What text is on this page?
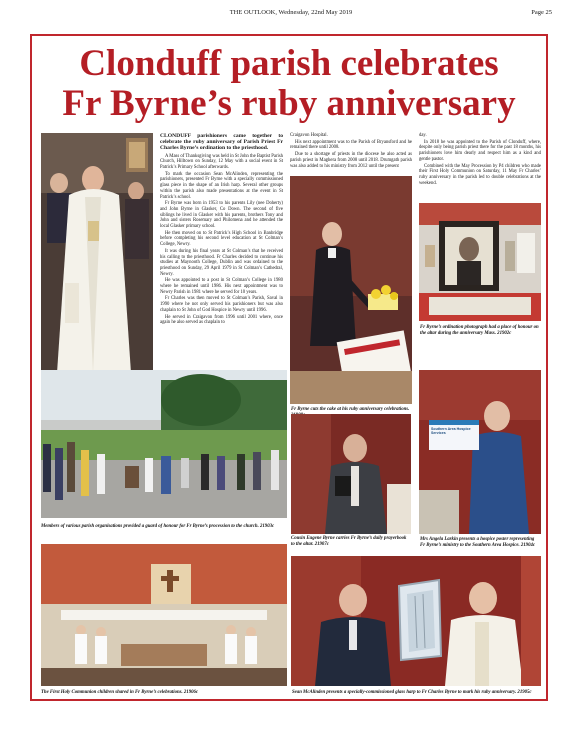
THE OUTLOOK, Wednesday, 22nd May 2019	Page 25
Clonduff parish celebrates
Fr Byrne’s ruby anniversary

CLONDUFF parishioners came together to celebrate the ruby anniversary of Parish Priest Fr Charles Byrne’s ordination to the priesthood.

A Mass of Thanksgiving was held in St John the Baptist Parish Church, Hilltown on Sunday, 12 May with a social event in St Patrick’s Primary School afterwards.

To mark the occasion Sean McAlinden, representing the parishioners, presented Fr Byrne with a specially commissioned glass piece in the shape of an Irish harp. Several other groups within the parish also made presentations at the event in St Patrick’s school.

Fr Byrne was born in 1953 to his parents Lily (nee Doherty) and John Byrne in Glasker, Co Down. The second of five siblings he lived in Glasker with his parents, brothers Tony and John and sisters Rosemary and Philomena and he attended the local Glasker primary school.

He then moved on to St Patrick’s High School in Banbridge before completing his second level education at St Colman’s College, Newry.

It was during his final years at St Colman’s that he received his calling to the priesthood. Fr Charles decided to continue his studies at Maynooth College, Dublin and was ordained to the priesthood on Sunday, 29 April 1979 in St Colman’s Cathedral, Newry.

He was appointed to a post in St Colman’s College in 1980 where he remained until 1986. His next appointment was to Newry Parish in 1981 where he served for 10 years.

Fr Charles was then moved to St Colman’s Parish, Saval in 1990 where he not only served his parishioners but was also chaplain to St John of God Hospice in Newry until 1996.

He served in Craigavon from 1996 until 2001 where, once again he also served as chaplain to

Craigavon Hospital.

His next appointment was to the Parish of Bryansford and he remained there until 2008.

Due to a shortage of priests in the diocese he also acted as parish priest in Maghera from 2008 until 2018. Drumgath parish was also added to his ministry from 2012 until the present

Fr Byrne cuts the cake at his ruby anniversary celebrations.

day.

In 2018 he was appointed to the Parish of Clonduff, where, despite only being parish priest there for the past 18 months, his parishioners love him dearly and respect him as a kind and gentle pastor.

Combined with the May Procession by P4 children who made their First Holy Communion on Saturday, 11 May Fr Charles’ ruby anniversary in the parish led to double celebrations at the weekend.

Fr Byrne’s ordination photograph had a place of honour on the altar during the anniversary Mass. 21902c
Members of various parish organisations provided a guard of honour for Fr Byrne’s procession to the church. 21903c
Cousin Eugene Byrne carries Fr Byrne’s daily prayerbook to the altar. 21907c
Southern Area Hospice Services
Mrs Angela Larkin presents a hospice poster representing Fr Byrne’s ministry to the Southern Area Hospice. 21904c
The First Holy Communion children shared in Fr Byrne’s celebrations. 21906c	Sean McAlinden presents a specially-commissioned glass harp to Fr Charles Byrne to mark his ruby anniversary. 21905c
